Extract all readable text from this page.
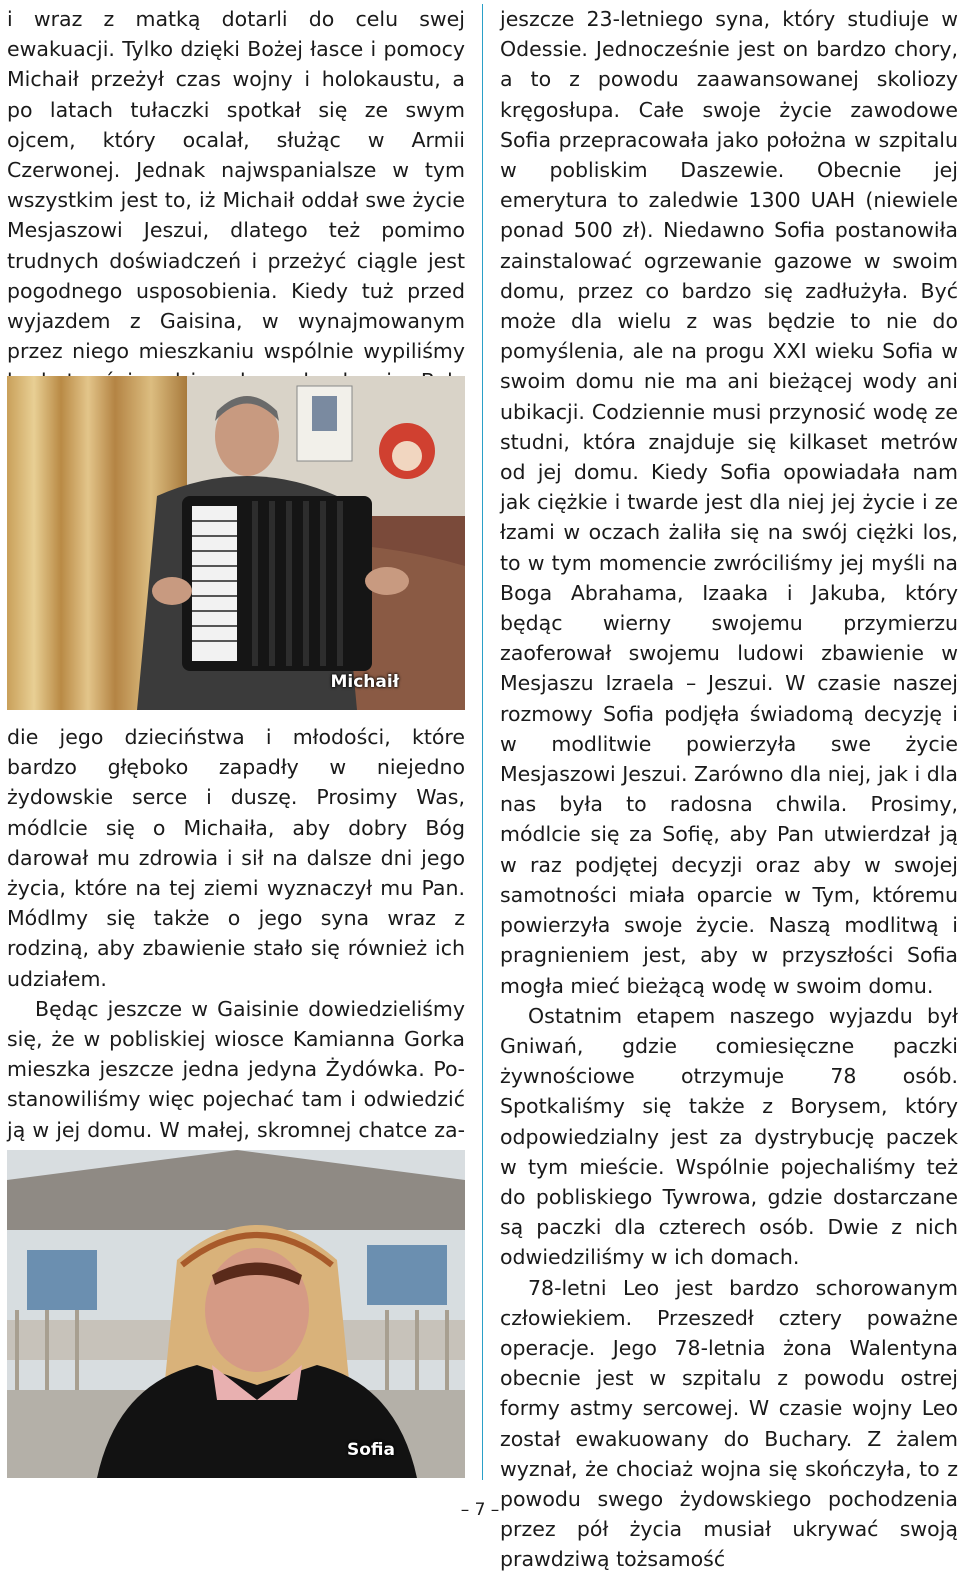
i wraz z matką dotarli do celu swej ewakuacji. Tylko dzięki Bożej łasce i pomocy Michaił przeżył czas wojny i holokaustu, a po latach tułaczki spotkał się ze swym ojcem, który ocalał, służąc w Armii Czerwonej. Jednak najwspanialsze w tym wszystkim jest to, iż Michaił oddał swe życie Mesjaszowi Jeszui, dlatego też pomimo trudnych doświadczeń i przeżyć ciągle jest pogodnego usposobienia. Kiedy tuż przed wyjazdem z Gaisina, w wynajmowanym przez niego mieszkaniu wspólnie wypiliśmy

Michaił

die jego dzieciństwa i młodości, które bardzo głęboko zapadły w niejedno żydowskie serce i duszę. Prosimy Was, módlcie się o Michaiła, aby dobry Bóg darował mu zdrowia i sił na dalsze dni jego życia, które na tej ziemi wyznaczył mu Pan. Módlmy się także o jego syna wraz z rodziną, aby zbawienie stało się również ich udziałem.

Będąc jeszcze w Gaisinie dowiedzieliśmy się, że w pobliskiej wiosce Kamianna Gorka mieszka jeszcze jedna jedyna Żydówka. Postanowiliśmy więc pojechać tam i odwiedzić ją w jej domu. W małej, skromnej chatce za

Sofia

jeszcze 23-letniego syna, który studiuje w Odessie. Jednocześnie jest on bardzo chory, a to z powodu zaawansowanej skoliozy kręgosłupa. Całe swoje życie zawodowe Sofia przepracowała jako położna w szpitalu w pobliskim Daszewie. Obecnie jej emerytura to zaledwie 1300 UAH (niewiele ponad 500 zł). Niedawno Sofia postanowiła zainstalować ogrzewanie gazowe w swoim domu, przez co bardzo się zadłużyła. Być może dla wielu z was będzie to nie do pomyślenia, ale na progu XXI wieku Sofia w swoim domu nie ma ani bieżącej wody ani ubikacji. Codziennie musi przynosić wodę ze studni, która znajduje się kilkaset metrów od jej domu. Kiedy Sofia opowiadała nam jak ciężkie i twarde jest dla niej jej życie i ze łzami w oczach żaliła się na swój ciężki los, to w tym momencie zwróciliśmy jej myśli na Boga Abrahama, Izaaka i Jakuba, który będąc wierny swojemu przymierzu zaoferował swojemu ludowi zbawienie w Mesjaszu Izraela – Jeszui. W czasie naszej rozmowy Sofia podjęła świadomą decyzję i w modlitwie powierzyła swe życie Mesjaszowi Jeszui. Zarówno dla niej, jak i dla nas była to radosna chwila. Prosimy, módlcie się za Sofię, aby Pan utwierdzał ją w raz podjętej decyzji oraz aby w swojej samotności miała oparcie w Tym, któremu powierzyła swoje życie. Naszą modlitwą i pragnieniem jest, aby w przyszłości Sofia mogła mieć bieżącą wodę w swoim domu.

Ostatnim etapem naszego wyjazdu był Gniwań, gdzie comiesięczne paczki żywnościowe otrzymuje 78 osób. Spotkaliśmy się także z Borysem, który odpowiedzialny jest za dystrybucję paczek w tym mieście. Wspólnie pojechaliśmy też do pobliskiego Tywrowa, gdzie dostarczane są paczki dla czterech osób. Dwie z nich odwiedziliśmy w ich domach.

78-letni Leo jest bardzo schorowanym człowiekiem. Przeszedł cztery poważne operacje. Jego 78-letnia żona Walentyna obecnie jest w szpitalu z powodu ostrej formy astmy sercowej. W czasie wojny Leo został ewakuowany do Buchary. Z żalem wyznał, że chociaż wojna się skończyła, to z powodu swego żydowskiego pochodzenia przez pół życia musiał ukrywać swoją prawdziwą tożsamość

– 7 –
